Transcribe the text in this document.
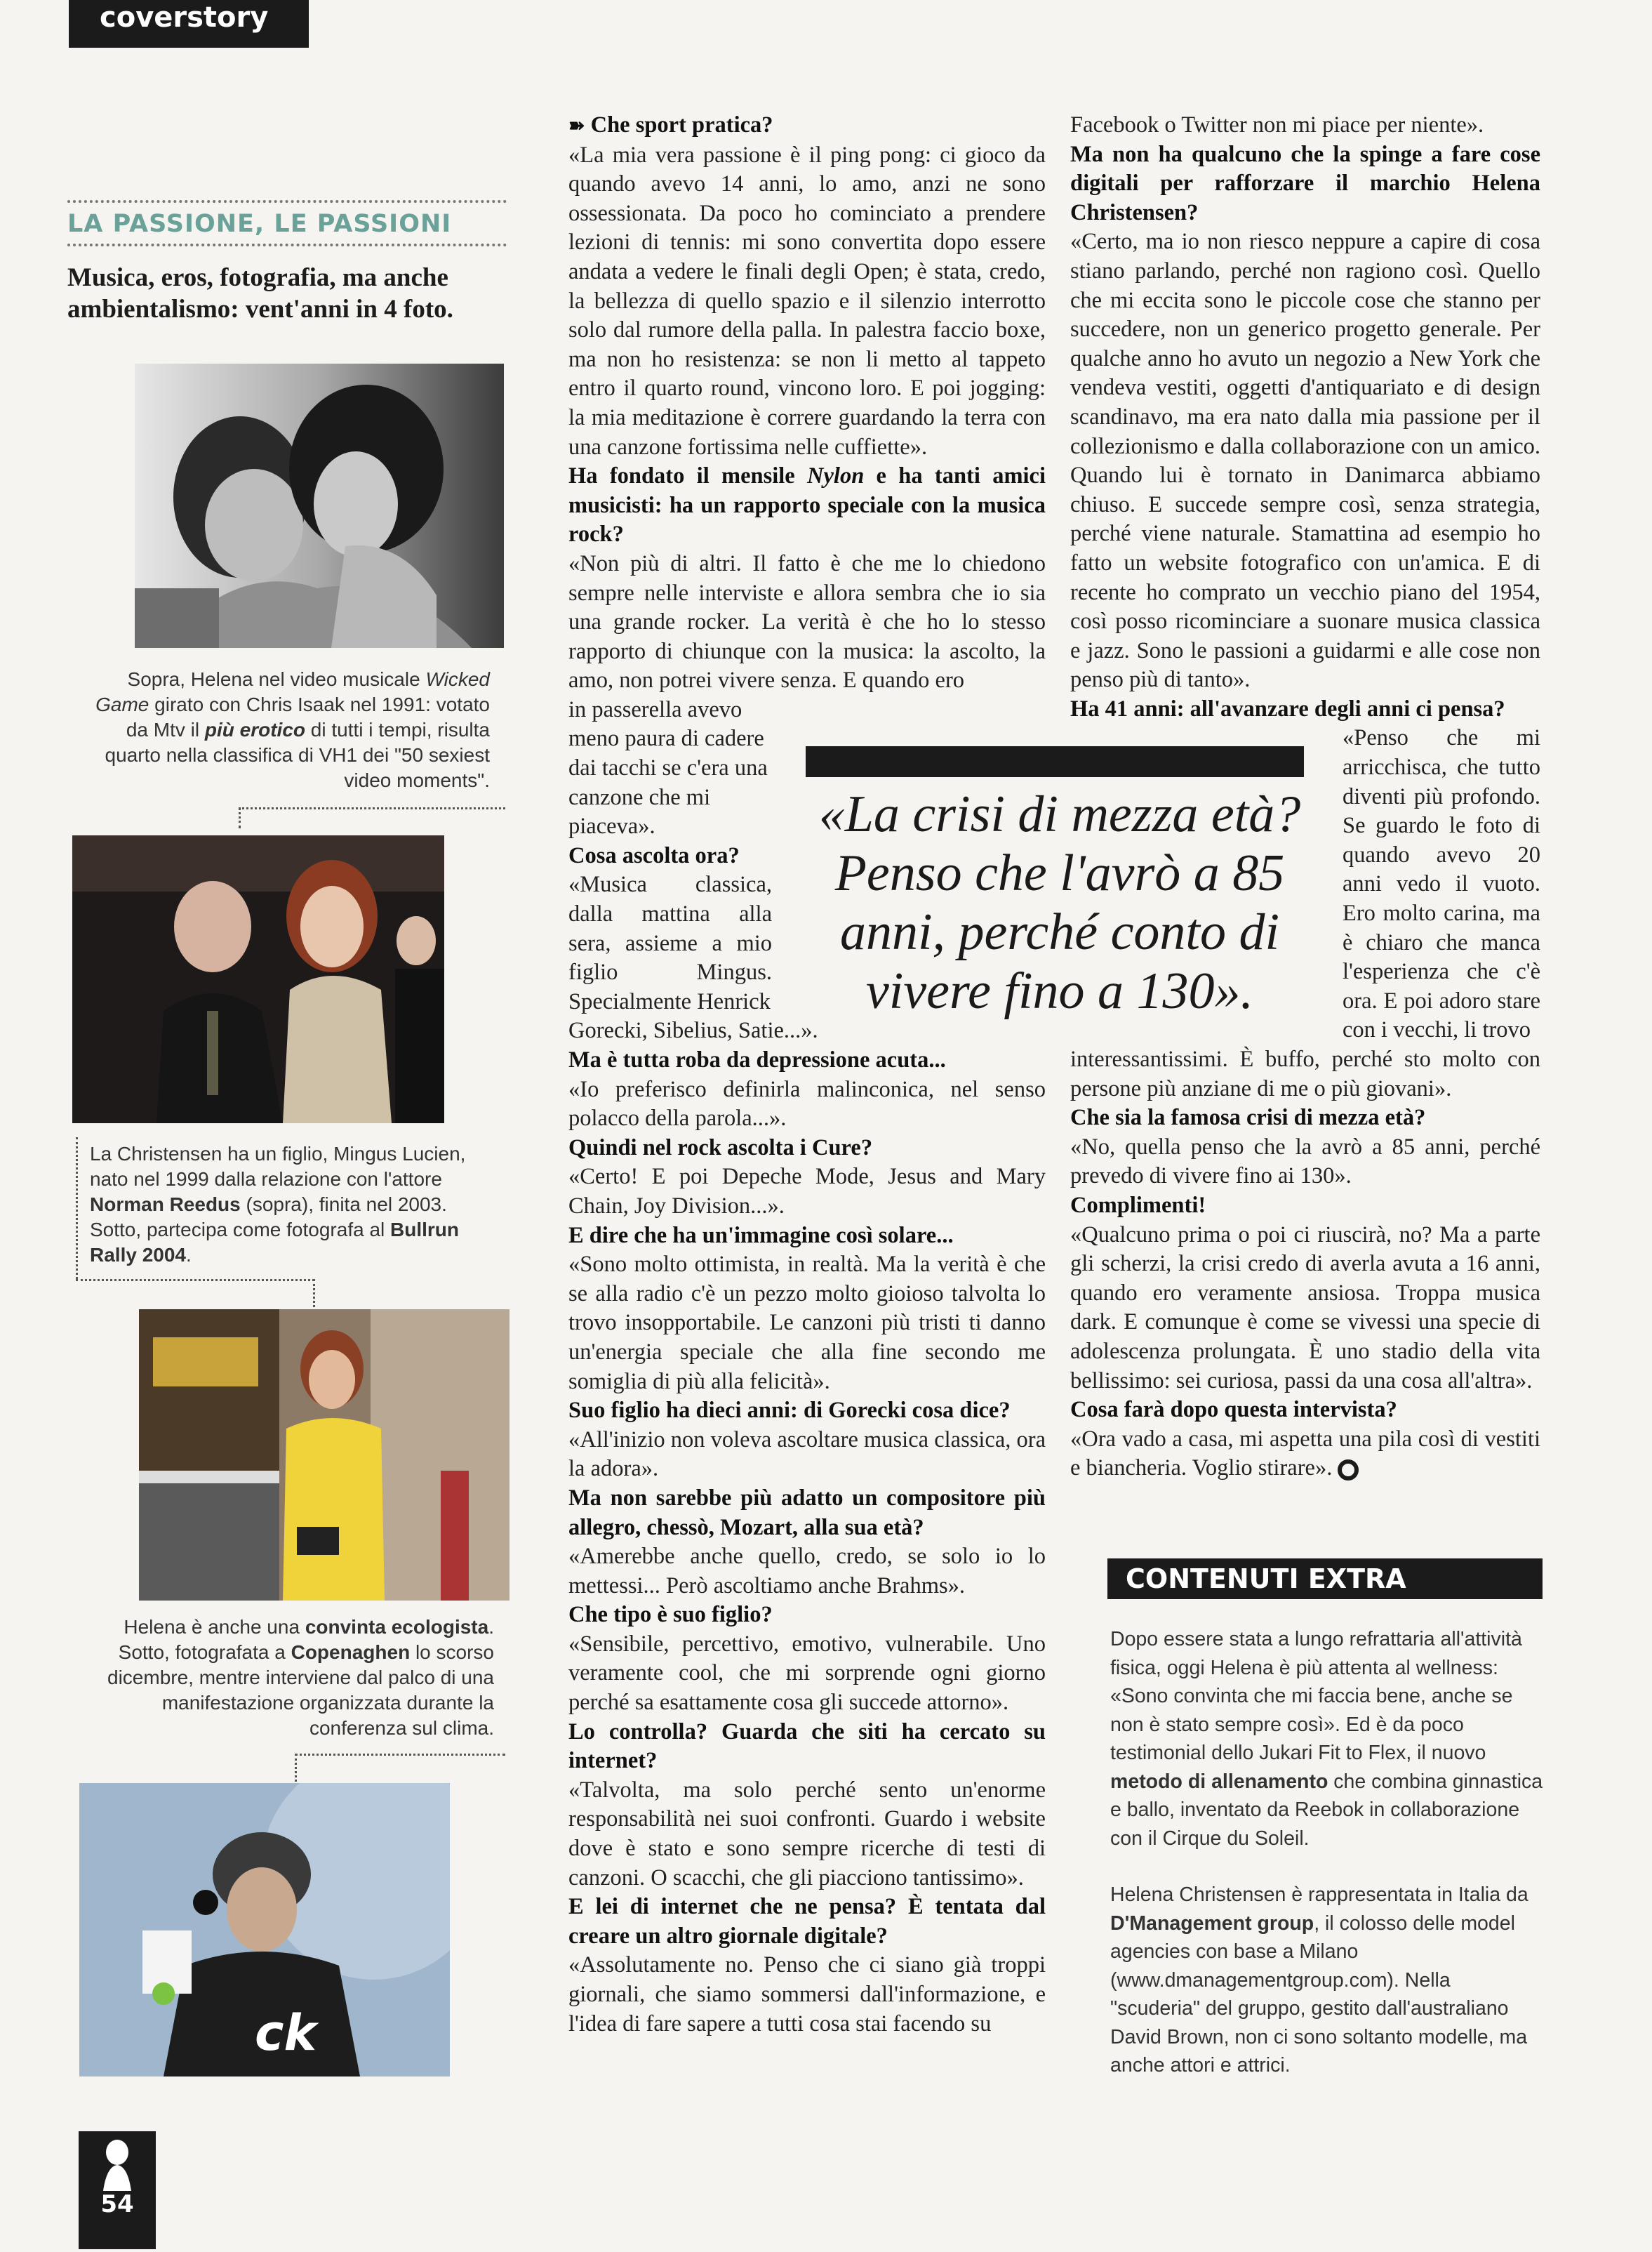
coverstory
LA PASSIONE, LE PASSIONI
Musica, eros, fotografia, ma anche ambientalismo: vent'anni in 4 foto.
Sopra, Helena nel video musicale Wicked Game girato con Chris Isaak nel 1991: votato da Mtv il più erotico di tutti i tempi, risulta quarto nella classifica di VH1 dei "50 sexiest video moments".
La Christensen ha un figlio, Mingus Lucien, nato nel 1999 dalla relazione con l'attore Norman Reedus (sopra), finita nel 2003. Sotto, partecipa come fotografa al Bullrun Rally 2004.
Helena è anche una convinta ecologista. Sotto, fotografata a Copenaghen lo scorso dicembre, mentre interviene dal palco di una manifestazione organizzata durante la conferenza sul clima.
ck

➽ Che sport pratica?

«La mia vera passione è il ping pong: ci gioco da quando avevo 14 anni, lo amo, anzi ne sono ossessionata. Da poco ho cominciato a prendere lezioni di tennis: mi sono convertita dopo essere andata a vedere le finali degli Open; è stata, credo, la bellezza di quello spazio e il silenzio interrotto solo dal rumore della palla. In palestra faccio boxe, ma non ho resistenza: se non li metto al tappeto entro il quarto round, vincono loro. E poi jogging: la mia meditazione è correre guardando la terra con una canzone fortissima nelle cuffiette».

Ha fondato il mensile Nylon e ha tanti amici musicisti: ha un rapporto speciale con la musica rock?

«Non più di altri. Il fatto è che me lo chiedono sempre nelle interviste e allora sembra che io sia una grande rocker. La verità è che ho lo stesso rapporto di chiunque con la musica: la ascolto, la amo, non potrei vivere senza. E quando ero

in passerella avevo meno paura di cadere dai tacchi se c'era una canzone che mi piaceva».

Cosa ascolta ora?

«Musica classica, dalla mattina alla sera, assieme a mio figlio Mingus. Specialmente Henrick

Gorecki, Sibelius, Satie...».

Ma è tutta roba da depressione acuta...

«Io preferisco definirla malinconica, nel senso polacco della parola...».

Quindi nel rock ascolta i Cure?

«Certo! E poi Depeche Mode, Jesus and Mary Chain, Joy Division...».

E dire che ha un'immagine così solare...

«Sono molto ottimista, in realtà. Ma la verità è che se alla radio c'è un pezzo molto gioioso talvolta lo trovo insopportabile. Le canzoni più tristi ti danno un'energia speciale che alla fine secondo me somiglia di più alla felicità».

Suo figlio ha dieci anni: di Gorecki cosa dice?

«All'inizio non voleva ascoltare musica classica, ora la adora».

Ma non sarebbe più adatto un compositore più allegro, chessò, Mozart, alla sua età?

«Amerebbe anche quello, credo, se solo io lo mettessi... Però ascoltiamo anche Brahms».

Che tipo è suo figlio?

«Sensibile, percettivo, emotivo, vulnerabile. Uno veramente cool, che mi sorprende ogni giorno perché sa esattamente cosa gli succede attorno».

Lo controlla? Guarda che siti ha cercato su internet?

«Talvolta, ma solo perché sento un'enorme responsabilità nei suoi confronti. Guardo i website dove è stato e sono sempre ricerche di testi di canzoni. O scacchi, che gli piacciono tantissimo».

E lei di internet che ne pensa? È tentata dal creare un altro giornale digitale?

«Assolutamente no. Penso che ci siano già troppi giornali, che siamo sommersi dall'informazione, e l'idea di fare sapere a tutti cosa stai facendo su

Facebook o Twitter non mi piace per niente».

Ma non ha qualcuno che la spinge a fare cose digitali per rafforzare il marchio Helena Christensen?

«Certo, ma io non riesco neppure a capire di cosa stiano parlando, perché non ragiono così. Quello che mi eccita sono le piccole cose che stanno per succedere, non un generico progetto generale. Per qualche anno ho avuto un negozio a New York che vendeva vestiti, oggetti d'antiquariato e di design scandinavo, ma era nato dalla mia passione per il collezionismo e dalla collaborazione con un amico. Quando lui è tornato in Danimarca abbiamo chiuso. E succede sempre così, senza strategia, perché viene naturale. Stamattina ad esempio ho fatto un website fotografico con un'amica. E di recente ho comprato un vecchio piano del 1954, così posso ricominciare a suonare musica classica e jazz. Sono le passioni a guidarmi e alle cose non penso più di tanto».

Ha 41 anni: all'avanzare degli anni ci pensa?

«Penso che mi arricchisca, che tutto diventi più profondo. Se guardo le foto di quando avevo 20 anni vedo il vuoto. Ero molto carina, ma è chiaro che manca l'esperienza che c'è ora. E poi adoro stare con i vecchi, li trovo

interessantissimi. È buffo, perché sto molto con persone più anziane di me o più giovani».

Che sia la famosa crisi di mezza età?

«No, quella penso che la avrò a 85 anni, perché prevedo di vivere fino ai 130».

Complimenti!

«Qualcuno prima o poi ci riuscirà, no? Ma a parte gli scherzi, la crisi credo di averla avuta a 16 anni, quando ero veramente ansiosa. Troppa musica dark. E comunque è come se vivessi una specie di adolescenza prolungata. È uno stadio della vita bellissimo: sei curiosa, passi da una cosa all'altra».

Cosa farà dopo questa intervista?

«Ora vado a casa, mi aspetta una pila così di vestiti e biancheria. Voglio stirare».

«La crisi di mezza età? Penso che l'avrò a 85 anni, perché conto di vivere fino a 130».
CONTENUTI EXTRA

Dopo essere stata a lungo refrattaria all'attività fisica, oggi Helena è più attenta al wellness: «Sono convinta che mi faccia bene, anche se non è stato sempre così». Ed è da poco testimonial dello Jukari Fit to Flex, il nuovo metodo di allenamento che combina ginnastica e ballo, inventato da Reebok in collaborazione con il Cirque du Soleil.

Helena Christensen è rappresentata in Italia da D'Management group, il colosso delle model agencies con base a Milano (www.dmanagementgroup.com). Nella "scuderia" del gruppo, gestito dall'australiano David Brown, non ci sono soltanto modelle, ma anche attori e attrici.

54
